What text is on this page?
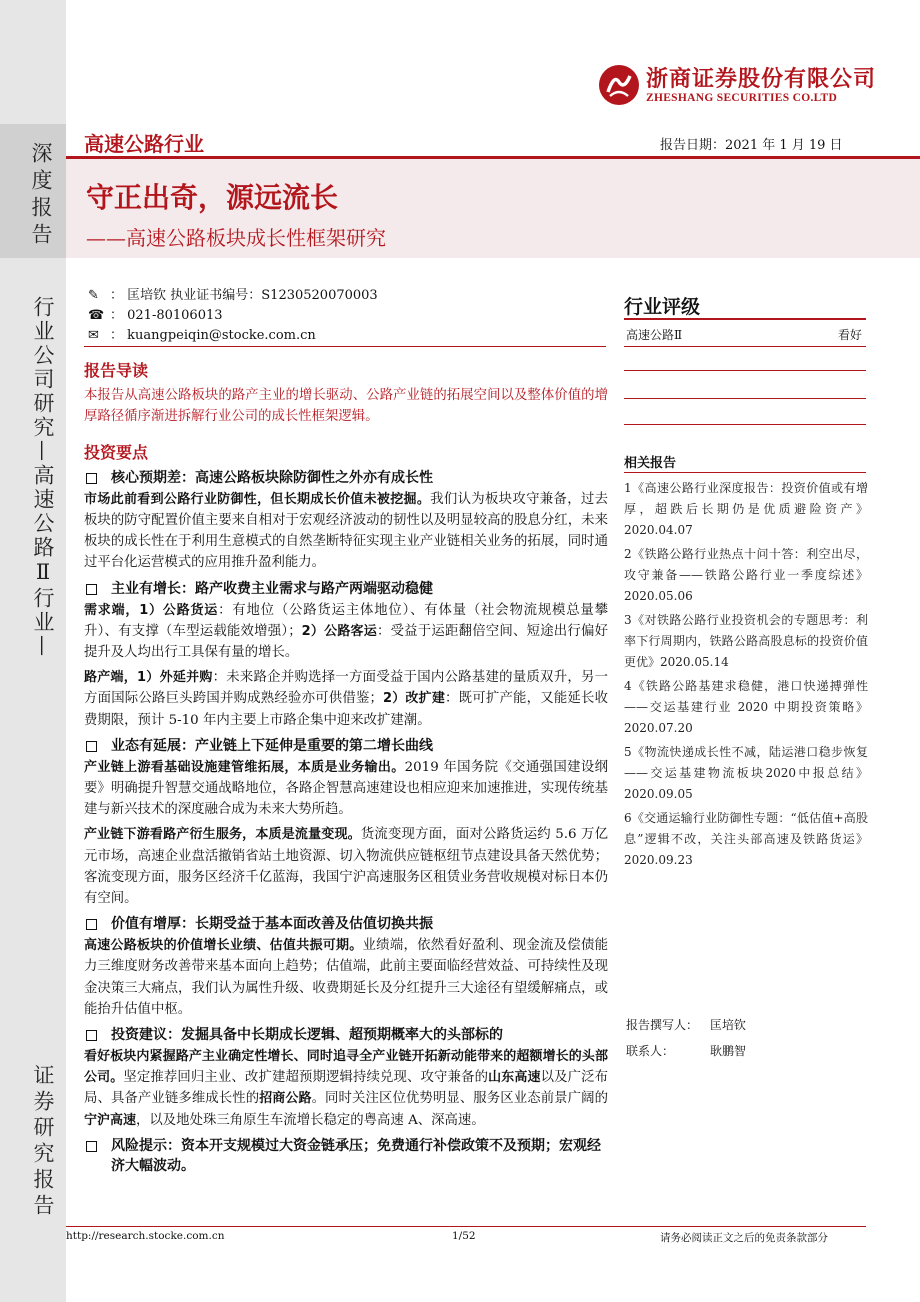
深度报告
行业公司研究—高速公路Ⅱ行业—
证券研究报告
浙商证券股份有限公司
ZHESHANG SECURITIES CO.LTD
高速公路行业	报告日期：2021 年 1 月 19 日
守正出奇，源远流长
——高速公路板块成长性框架研究
✎ ： 匡培钦 执业证书编号：S1230520070003
☎ ： 021-80106013
✉ ： kuangpeiqin@stocke.com.cn
行业评级
高速公路Ⅱ	看好
相关报告
1《高速公路行业深度报告：投资价值或有增厚，超跌后长期仍是优质避险资产》2020.04.07
2《铁路公路行业热点十问十答：利空出尽，攻守兼备——铁路公路行业一季度综述》2020.05.06
3《对铁路公路行业投资机会的专题思考：利率下行周期内，铁路公路高股息标的投资价值更优》2020.05.14
4《铁路公路基建求稳健，港口快递搏弹性——交运基建行业 2020 中期投资策略》2020.07.20
5《物流快递成长性不减，陆运港口稳步恢复——交运基建物流板块2020中报总结》2020.09.05
6《交通运输行业防御性专题：“低估值+高股息”逻辑不改，关注头部高速及铁路货运》2020.09.23
报告撰写人： 匡培钦
联系人：	耿鹏智

报告导读

本报告从高速公路板块的路产主业的增长驱动、公路产业链的拓展空间以及整体价值的增厚路径循序渐进拆解行业公司的成长性框架逻辑。

投资要点

核心预期差：高速公路板块除防御性之外亦有成长性

市场此前看到公路行业防御性，但长期成长价值未被挖掘。我们认为板块攻守兼备，过去板块的防守配置价值主要来自相对于宏观经济波动的韧性以及明显较高的股息分红，未来板块的成长性在于利用生意模式的自然垄断特征实现主业产业链相关业务的拓展，同时通过平台化运营模式的应用推升盈利能力。

主业有增长：路产收费主业需求与路产两端驱动稳健

需求端，1）公路货运：有地位（公路货运主体地位）、有体量（社会物流规模总量攀升）、有支撑（车型运载能效增强）；2）公路客运：受益于运距翻倍空间、短途出行偏好提升及人均出行工具保有量的增长。

路产端，1）外延并购：未来路企并购选择一方面受益于国内公路基建的量质双升，另一方面国际公路巨头跨国并购成熟经验亦可供借鉴；2）改扩建：既可扩产能，又能延长收费期限，预计 5-10 年内主要上市路企集中迎来改扩建潮。

业态有延展：产业链上下延伸是重要的第二增长曲线

产业链上游看基础设施建管维拓展，本质是业务输出。2019 年国务院《交通强国建设纲要》明确提升智慧交通战略地位，各路企智慧高速建设也相应迎来加速推进，实现传统基建与新兴技术的深度融合成为未来大势所趋。

产业链下游看路产衍生服务，本质是流量变现。货流变现方面，面对公路货运约 5.6 万亿元市场，高速企业盘活撤销省站土地资源、切入物流供应链枢纽节点建设具备天然优势；客流变现方面，服务区经济千亿蓝海，我国宁沪高速服务区租赁业务营收规模对标日本仍有空间。

价值有增厚：长期受益于基本面改善及估值切换共振

高速公路板块的价值增长业绩、估值共振可期。业绩端，依然看好盈利、现金流及偿债能力三维度财务改善带来基本面向上趋势；估值端，此前主要面临经营效益、可持续性及现金决策三大痛点，我们认为属性升级、收费期延长及分红提升三大途径有望缓解痛点，或能抬升估值中枢。

投资建议：发掘具备中长期成长逻辑、超预期概率大的头部标的

看好板块内紧握路产主业确定性增长、同时追寻全产业链开拓新动能带来的超额增长的头部公司。坚定推荐回归主业、改扩建超预期逻辑持续兑现、攻守兼备的山东高速以及广泛布局、具备产业链多维成长性的招商公路。同时关注区位优势明显、服务区业态前景广阔的宁沪高速，以及地处珠三角原生车流增长稳定的粤高速 A、深高速。

风险提示：资本开支规模过大资金链承压；免费通行补偿政策不及预期；宏观经济大幅波动。
http://research.stocke.com.cn	1/52	请务必阅读正文之后的免责条款部分
